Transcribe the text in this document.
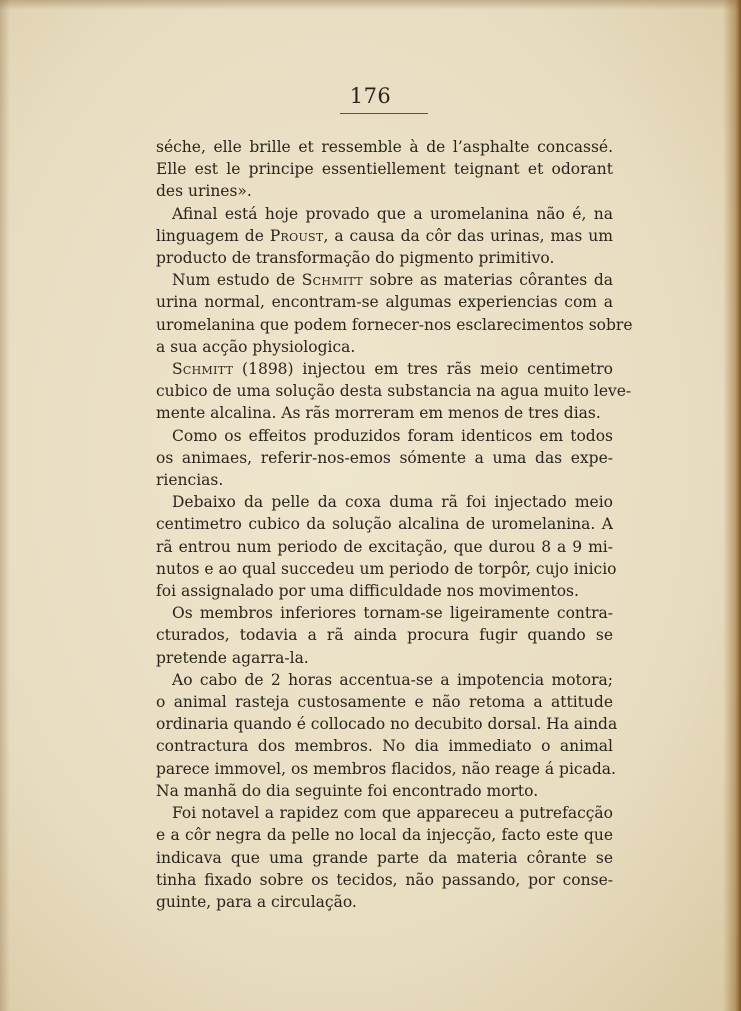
176
séche, elle brille et ressemble à de l’asphalte concassé.
Elle est le principe essentiellement teignant et odorant
des urines».
Afinal está hoje provado que a uromelanina não é, na
linguagem de Proust, a causa da côr das urinas, mas um
producto de transformação do pigmento primitivo.
Num estudo de Schmitt sobre as materias côrantes da
urina normal, encontram-se algumas experiencias com a
uromelanina que podem fornecer-nos esclarecimentos sobre
a sua acção physiologica.
Schmitt (1898) injectou em tres rãs meio centimetro
cubico de uma solução desta substancia na agua muito leve-
mente alcalina. As rãs morreram em menos de tres dias.
Como os effeitos produzidos foram identicos em todos
os animaes, referir-nos-emos sómente a uma das expe-
riencias.
Debaixo da pelle da coxa duma rã foi injectado meio
centimetro cubico da solução alcalina de uromelanina. A
rã entrou num periodo de excitação, que durou 8 a 9 mi-
nutos e ao qual succedeu um periodo de torpôr, cujo inicio
foi assignalado por uma difficuldade nos movimentos.
Os membros inferiores tornam-se ligeiramente contra-
cturados, todavia a rã ainda procura fugir quando se
pretende agarra-la.
Ao cabo de 2 horas accentua-se a impotencia motora;
o animal rasteja custosamente e não retoma a attitude
ordinaria quando é collocado no decubito dorsal. Ha ainda
contractura dos membros. No dia immediato o animal
parece immovel, os membros flacidos, não reage á picada.
Na manhã do dia seguinte foi encontrado morto.
Foi notavel a rapidez com que appareceu a putrefacção
e a côr negra da pelle no local da injecção, facto este que
indicava que uma grande parte da materia côrante se
tinha fixado sobre os tecidos, não passando, por conse-
guinte, para a circulação.
